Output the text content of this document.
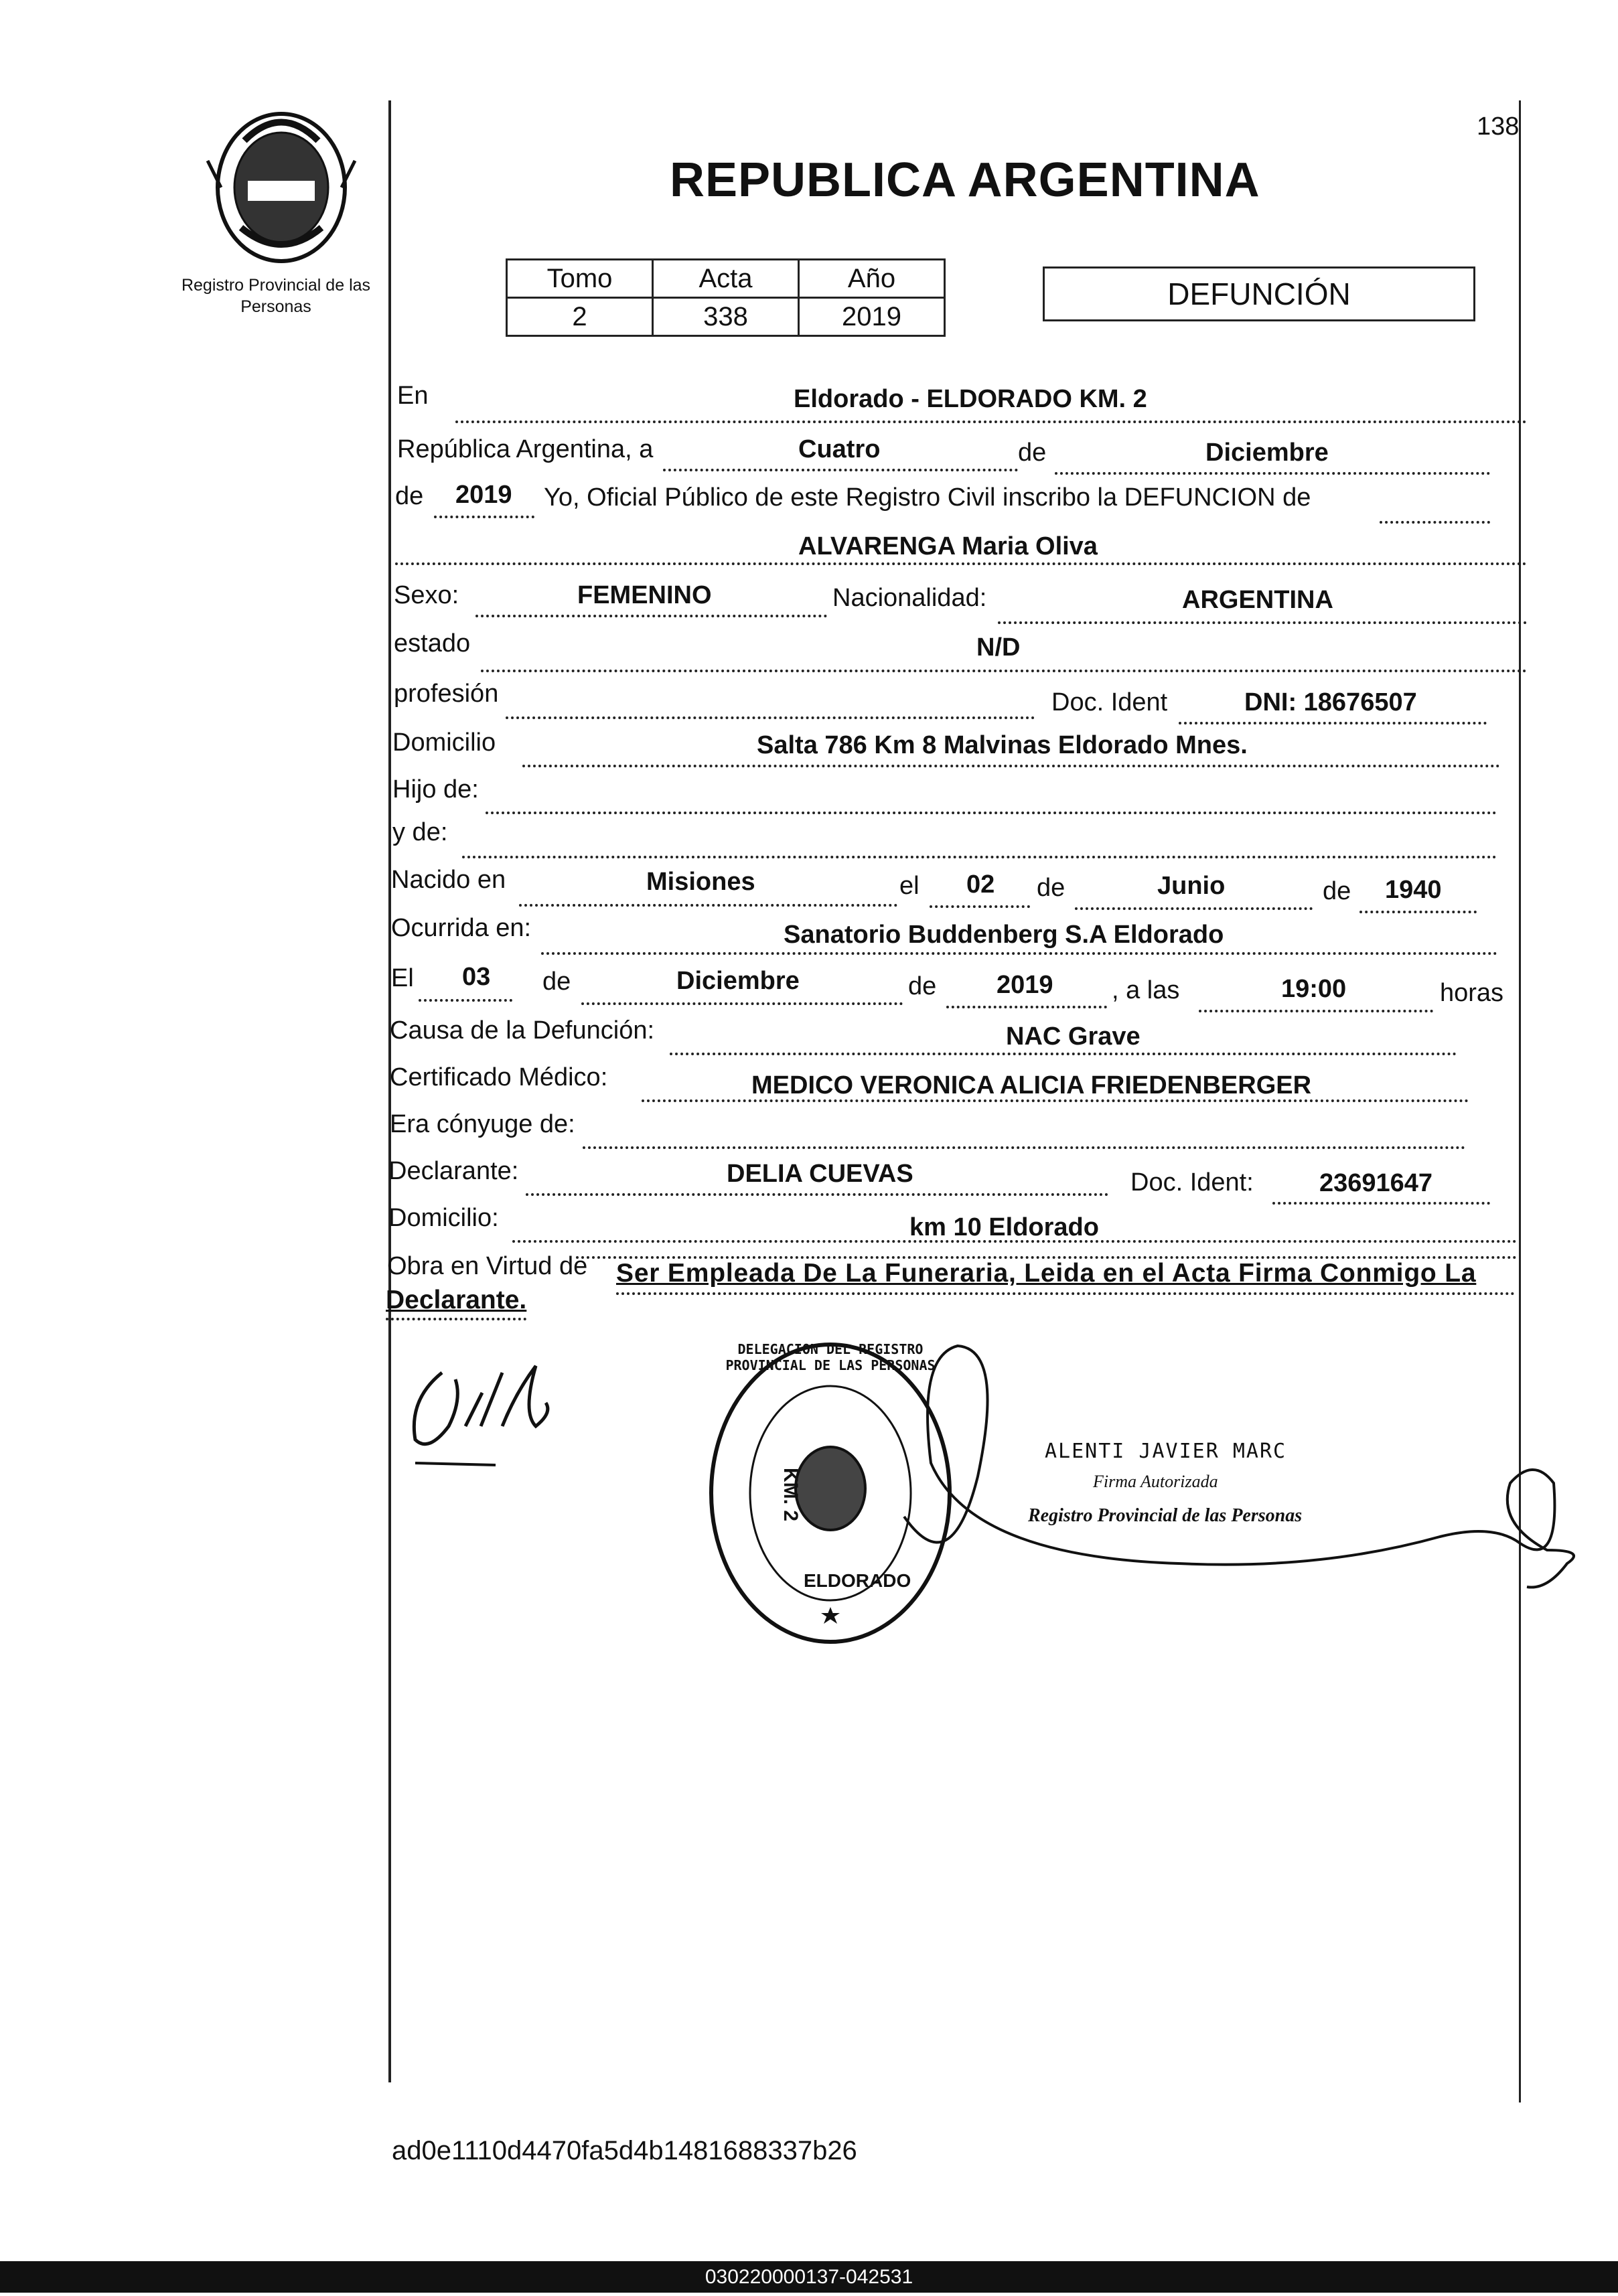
Registro Provincial de las Personas
138
REPUBLICA ARGENTINA
Tomo	Acta	Año
2	338	2019
DEFUNCIÓN
En	Eldorado - ELDORADO KM. 2
República Argentina, a	Cuatro	de	Diciembre
de 2019 Yo, Oficial Público de este Registro Civil inscribo la DEFUNCION de
ALVARENGA Maria Oliva
Sexo:	FEMENINO	Nacionalidad:	ARGENTINA
estado	N/D
profesión	Doc. Ident	DNI: 18676507
Domicilio	Salta 786 Km 8 Malvinas Eldorado Mnes.
Hijo de:
y de:
Nacido en	Misiones	el 02 de	Junio	de 1940
Ocurrida en:	Sanatorio Buddenberg S.A Eldorado
El 03 de	Diciembre	de 2019 , a las	19:00	horas
Causa de la Defunción:	NAC Grave
Certificado Médico:	MEDICO VERONICA ALICIA FRIEDENBERGER
Era cónyuge de:
Declarante:	DELIA CUEVAS	Doc. Ident:	23691647
Domicilio:	km 10 Eldorado
Obra en Virtud de Ser Empleada De La Funeraria, Leida en el Acta Firma Conmigo La
Declarante.
DELEGACION DEL REGISTRO PROVINCIAL DE LAS PERSONAS
KM. 2
ELDORADO
ALENTI JAVIER MARC
Firma Autorizada
Registro Provincial de las Personas
ad0e1110d4470fa5d4b1481688337b26
030220000137-042531
